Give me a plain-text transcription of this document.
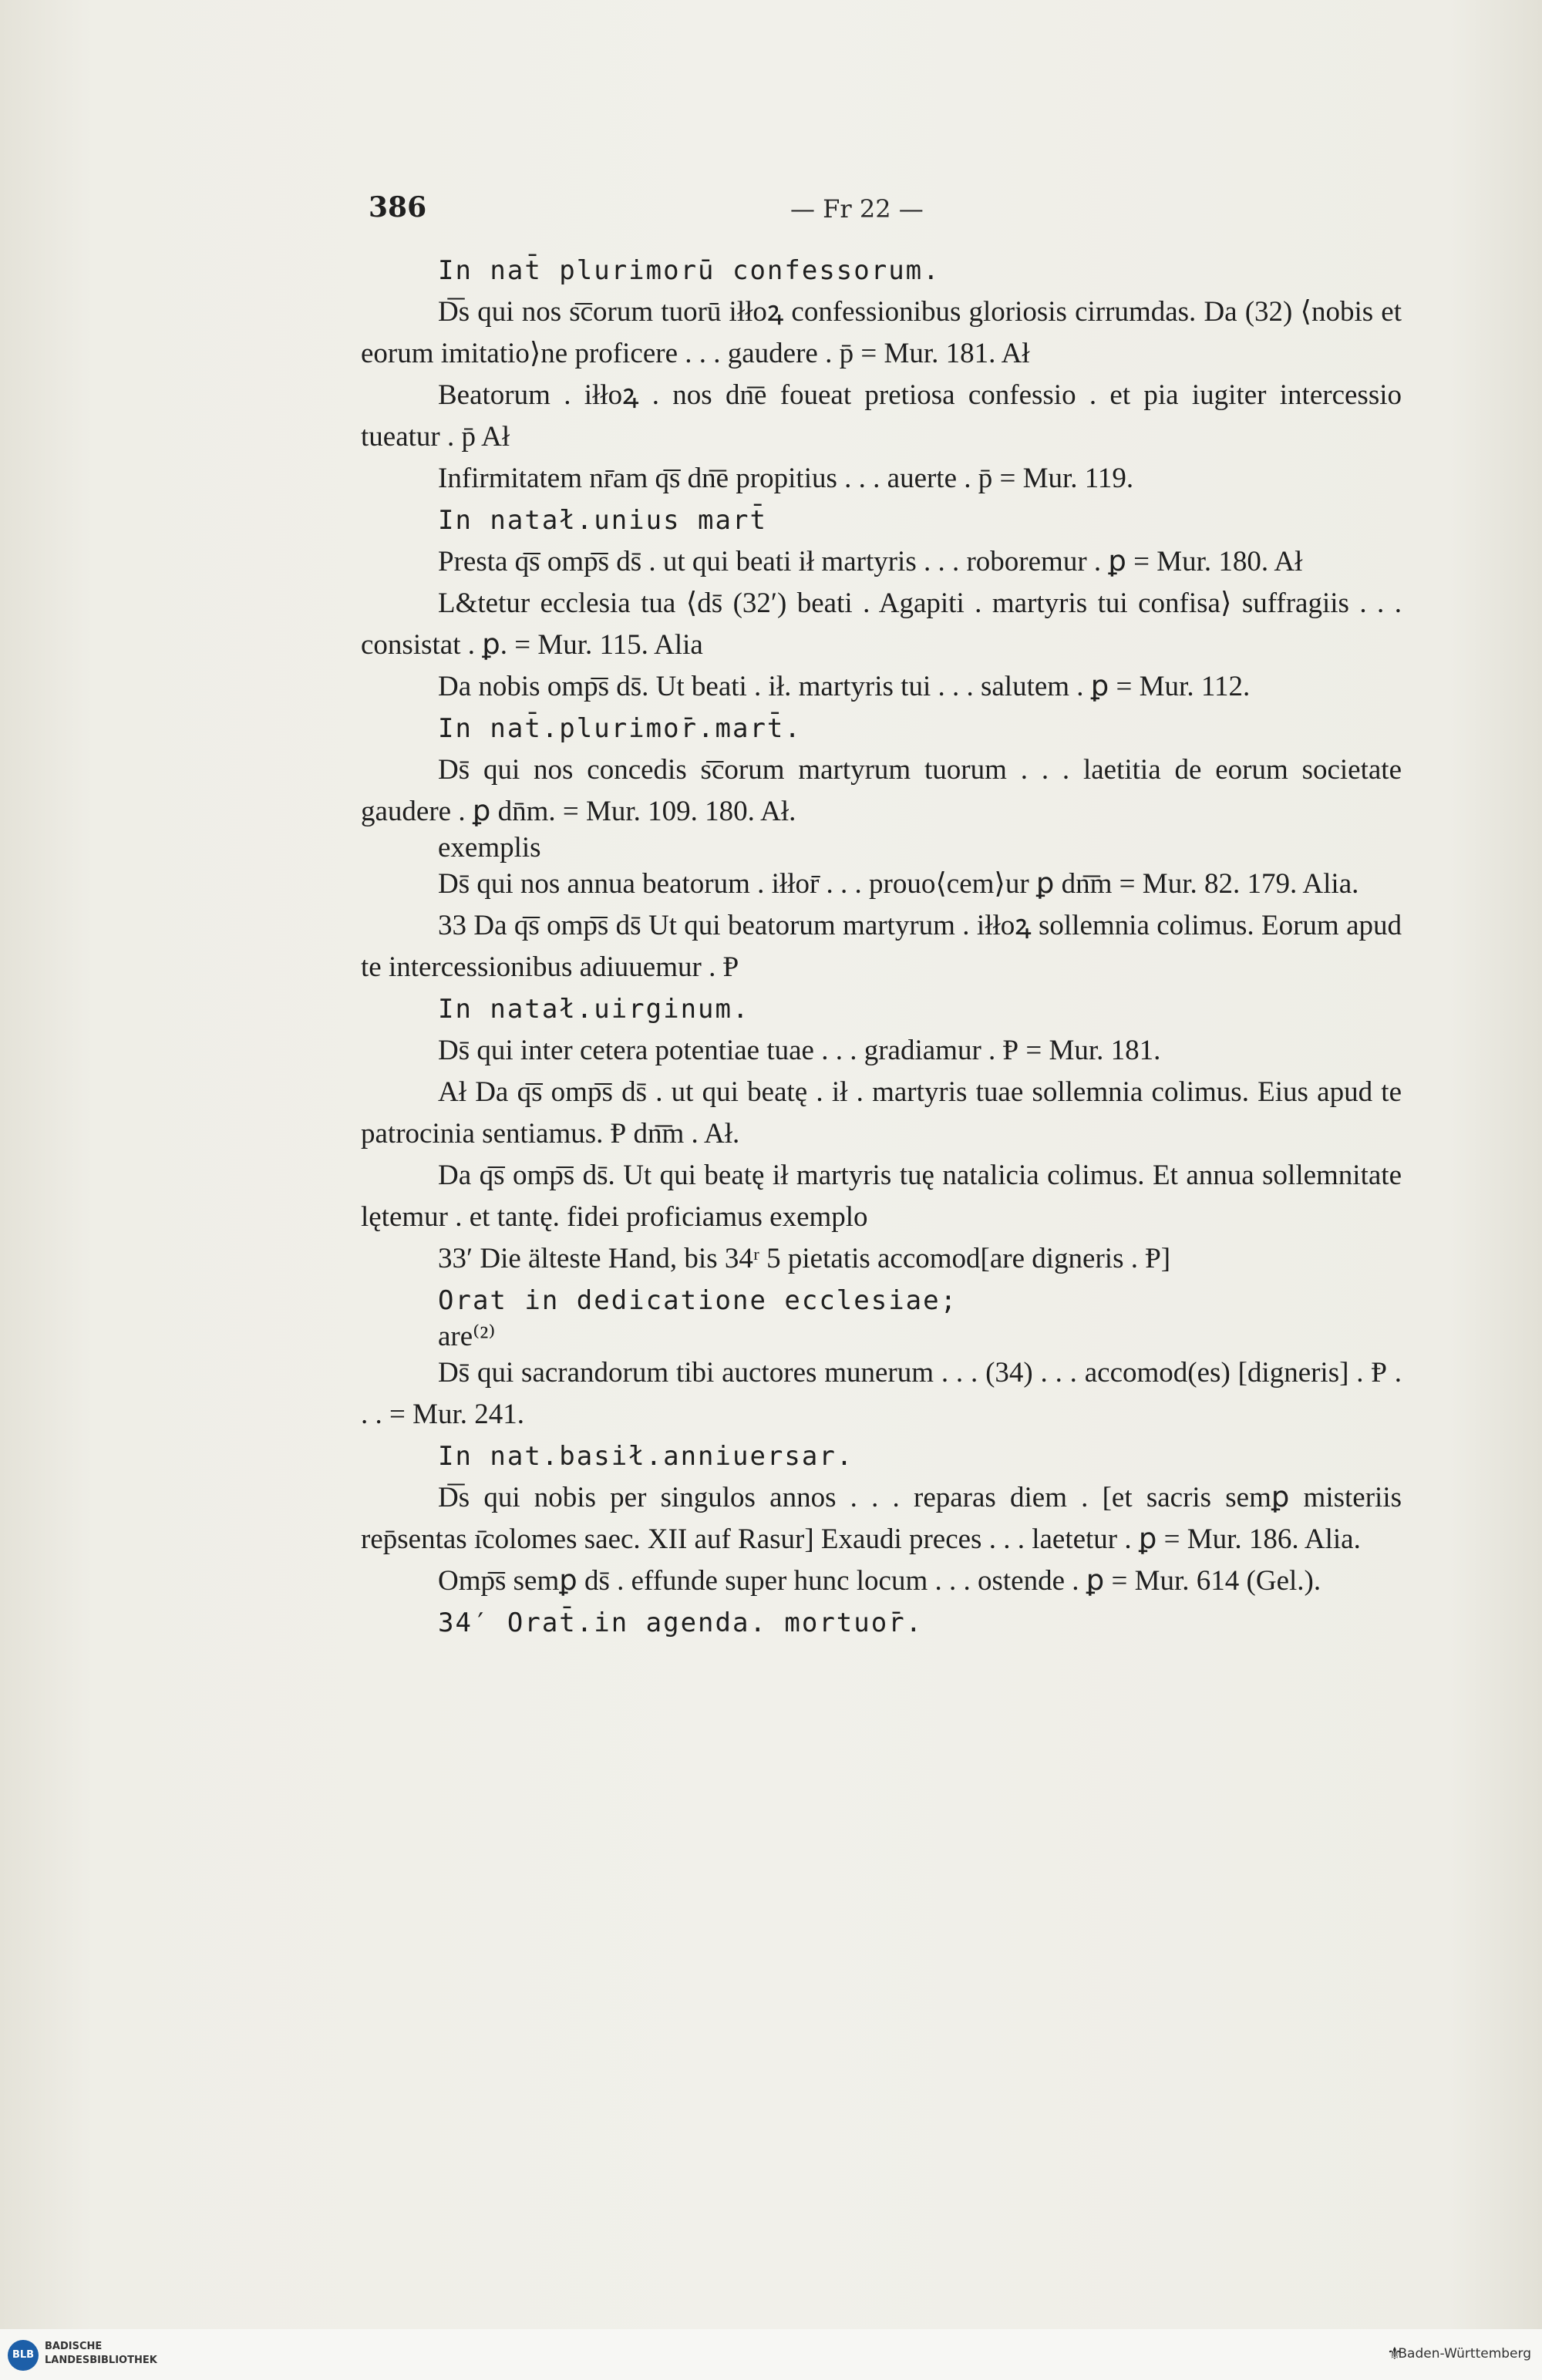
386	— Fr 22 —

In nat̄ plurimorū confessorum.

D͞s qui nos s͞corum tuorū iłłoꝝ confessionibus gloriosis cirrumdas. Da (32) ⟨nobis et eorum imitatio⟩ne proficere . . . gaudere . p̄ = Mur. 181. Ał

Beatorum . iłłoꝝ . nos dn͞e foueat pretiosa confessio . et pia iugiter intercessio tueatur . p̄ Ał

Infirmitatem nr̄am q͞s dn͞e propitius . . . auerte . p̄ = Mur. 119.

In natał.unius mart̄

Presta q͞s omp͞s ds̄ . ut qui beati ił martyris . . . roboremur . ꝑ = Mur. 180. Ał

L&tetur ecclesia tua ⟨ds̄ (32′) beati . Agapiti . martyris tui confisa⟩ suffragiis . . . consistat . ꝑ. = Mur. 115. Alia

Da nobis omp͞s ds̄. Ut beati . ił. martyris tui . . . salutem . ꝑ = Mur. 112.

In nat̄.plurimor̄.mart̄.

Ds̄ qui nos concedis s͞corum martyrum tuorum . . . laetitia de eorum societate gaudere . ꝑ dn̄m. = Mur. 109. 180. Ał.

exemplis

Ds̄ qui nos annua beatorum . iłłor̄ . . . prouo⟨cem⟩ur ꝑ dn͞m = Mur. 82. 179. Alia.

33 Da q͞s omp͞s ds̄ Ut qui beatorum martyrum . iłłoꝝ sollemnia colimus. Eorum apud te intercessionibus adiuuemur . Ᵽ

In natał.uirginum.

Ds̄ qui inter cetera potentiae tuae . . . gradiamur . Ᵽ = Mur. 181.

Ał Da q͞s omp͞s ds̄ . ut qui beatę . ił . martyris tuae sollemnia colimus. Eius apud te patrocinia sentiamus. Ᵽ dn͞m . Ał.

Da q͞s omp͞s ds̄. Ut qui beatę ił martyris tuę natalicia colimus. Et annua sollemnitate lętemur . et tantę. fidei proficiamus exemplo

33′ Die älteste Hand, bis 34ʳ 5 pietatis accomod[are digneris . Ᵽ]

Orat in dedicatione ecclesiae;

are⁽²⁾

Ds̄ qui sacrandorum tibi auctores munerum . . . (34) . . . accomod(es) [digneris] . Ᵽ . . . = Mur. 241.

In nat.basił.anniuersar.

D͞s qui nobis per singulos annos . . . reparas diem . [et sacris semꝑ misteriis rep̄sentas ı̄colomes saec. XII auf Rasur] Exaudi preces . . . laetetur . ꝑ = Mur. 186. Alia.

Omp͞s semꝑ ds̄ . effunde super hunc locum . . . ostende . ꝑ = Mur. 614 (Gel.).

34′ Orat̄.in agenda. mortuor̄.

BLB
BADISCHE
LANDESBIBLIOTHEK	⚜
Baden-Württemberg
